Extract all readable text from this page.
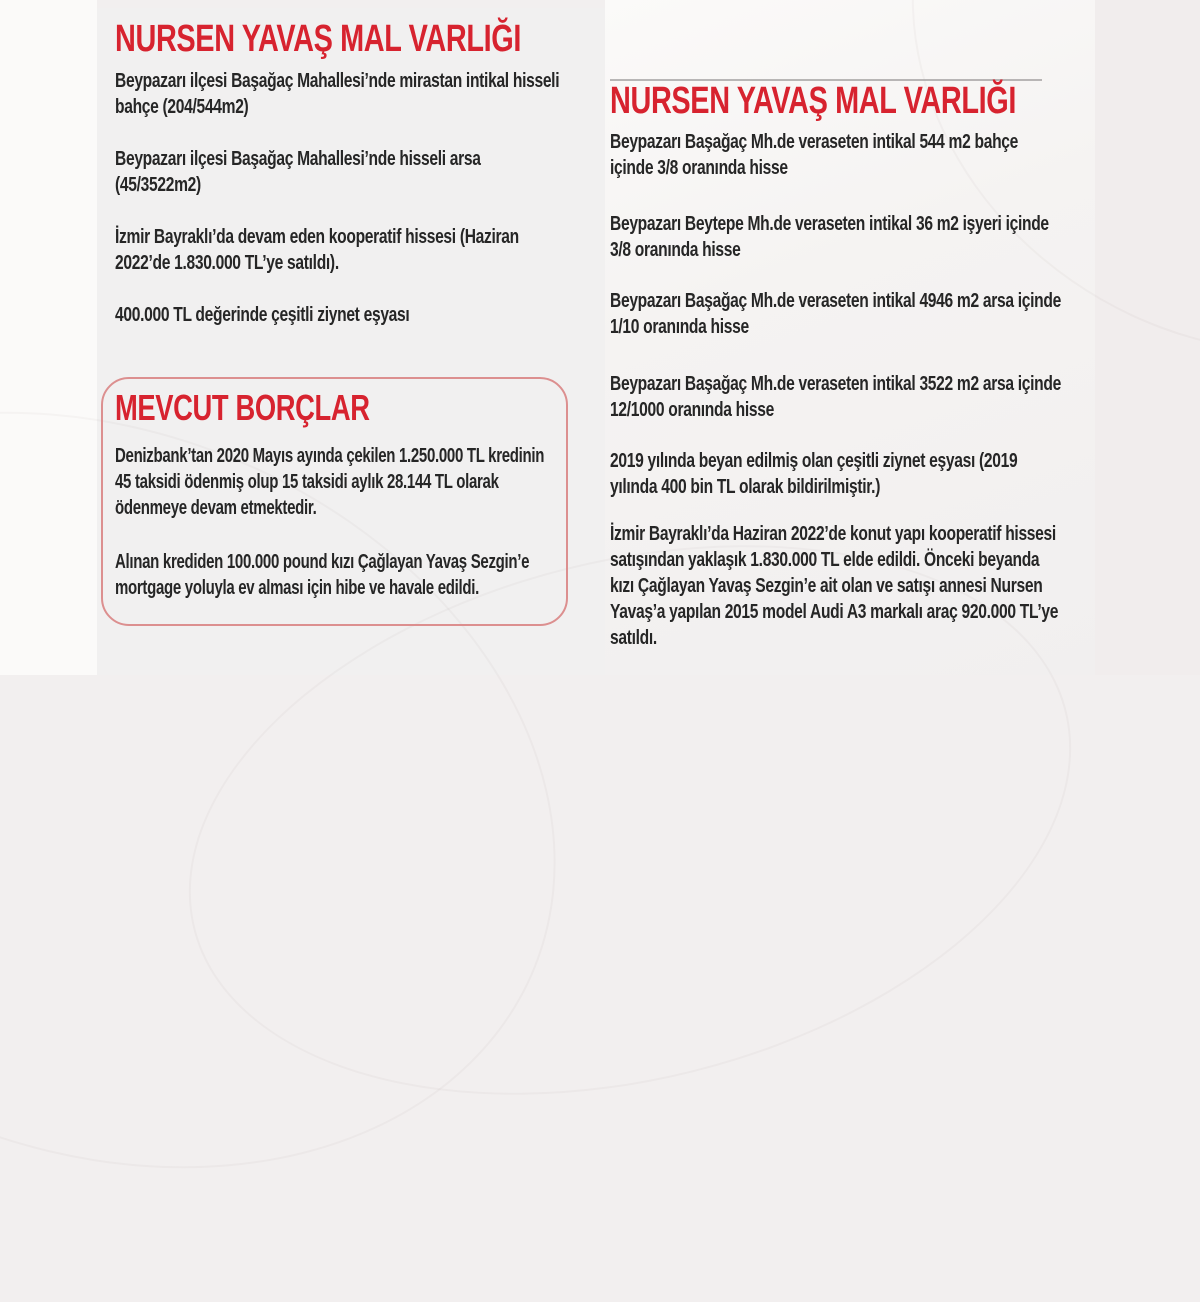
NURSEN YAVAŞ MAL VARLIĞI
Beypazarı ilçesi Başağaç Mahallesi’nde mirastan intikal hisseli bahçe (204/544m2)
Beypazarı ilçesi Başağaç Mahallesi’nde hisseli arsa (45/3522m2)
İzmir Bayraklı’da devam eden kooperatif hissesi (Haziran 2022’de 1.830.000 TL’ye satıldı).
400.000 TL değerinde çeşitli ziynet eşyası
MEVCUT BORÇLAR
Denizbank’tan 2020 Mayıs ayında çekilen 1.250.000 TL kredinin 45 taksidi ödenmiş olup 15 taksidi aylık 28.144 TL olarak ödenmeye devam etmektedir.
Alınan krediden 100.000 pound kızı Çağlayan Yavaş Sezgin’e mortgage yoluyla ev alması için hibe ve havale edildi.
NURSEN YAVAŞ MAL VARLIĞI
Beypazarı Başağaç Mh.de veraseten intikal 544 m2 bahçe içinde 3/8 oranında hisse
Beypazarı Beytepe Mh.de veraseten intikal 36 m2 işyeri içinde 3/8 oranında hisse
Beypazarı Başağaç Mh.de veraseten intikal 4946 m2 arsa içinde 1/10 oranında hisse
Beypazarı Başağaç Mh.de veraseten intikal 3522 m2 arsa içinde 12/1000 oranında hisse
2019 yılında beyan edilmiş olan çeşitli ziynet eşyası (2019 yılında 400 bin TL olarak bildirilmiştir.)
İzmir Bayraklı’da Haziran 2022’de konut yapı kooperatif hissesi satışından yaklaşık 1.830.000 TL elde edildi. Önceki beyanda kızı Çağlayan Yavaş Sezgin’e ait olan ve satışı annesi Nursen Yavaş’a yapılan 2015 model Audi A3 markalı araç 920.000 TL’ye satıldı.
